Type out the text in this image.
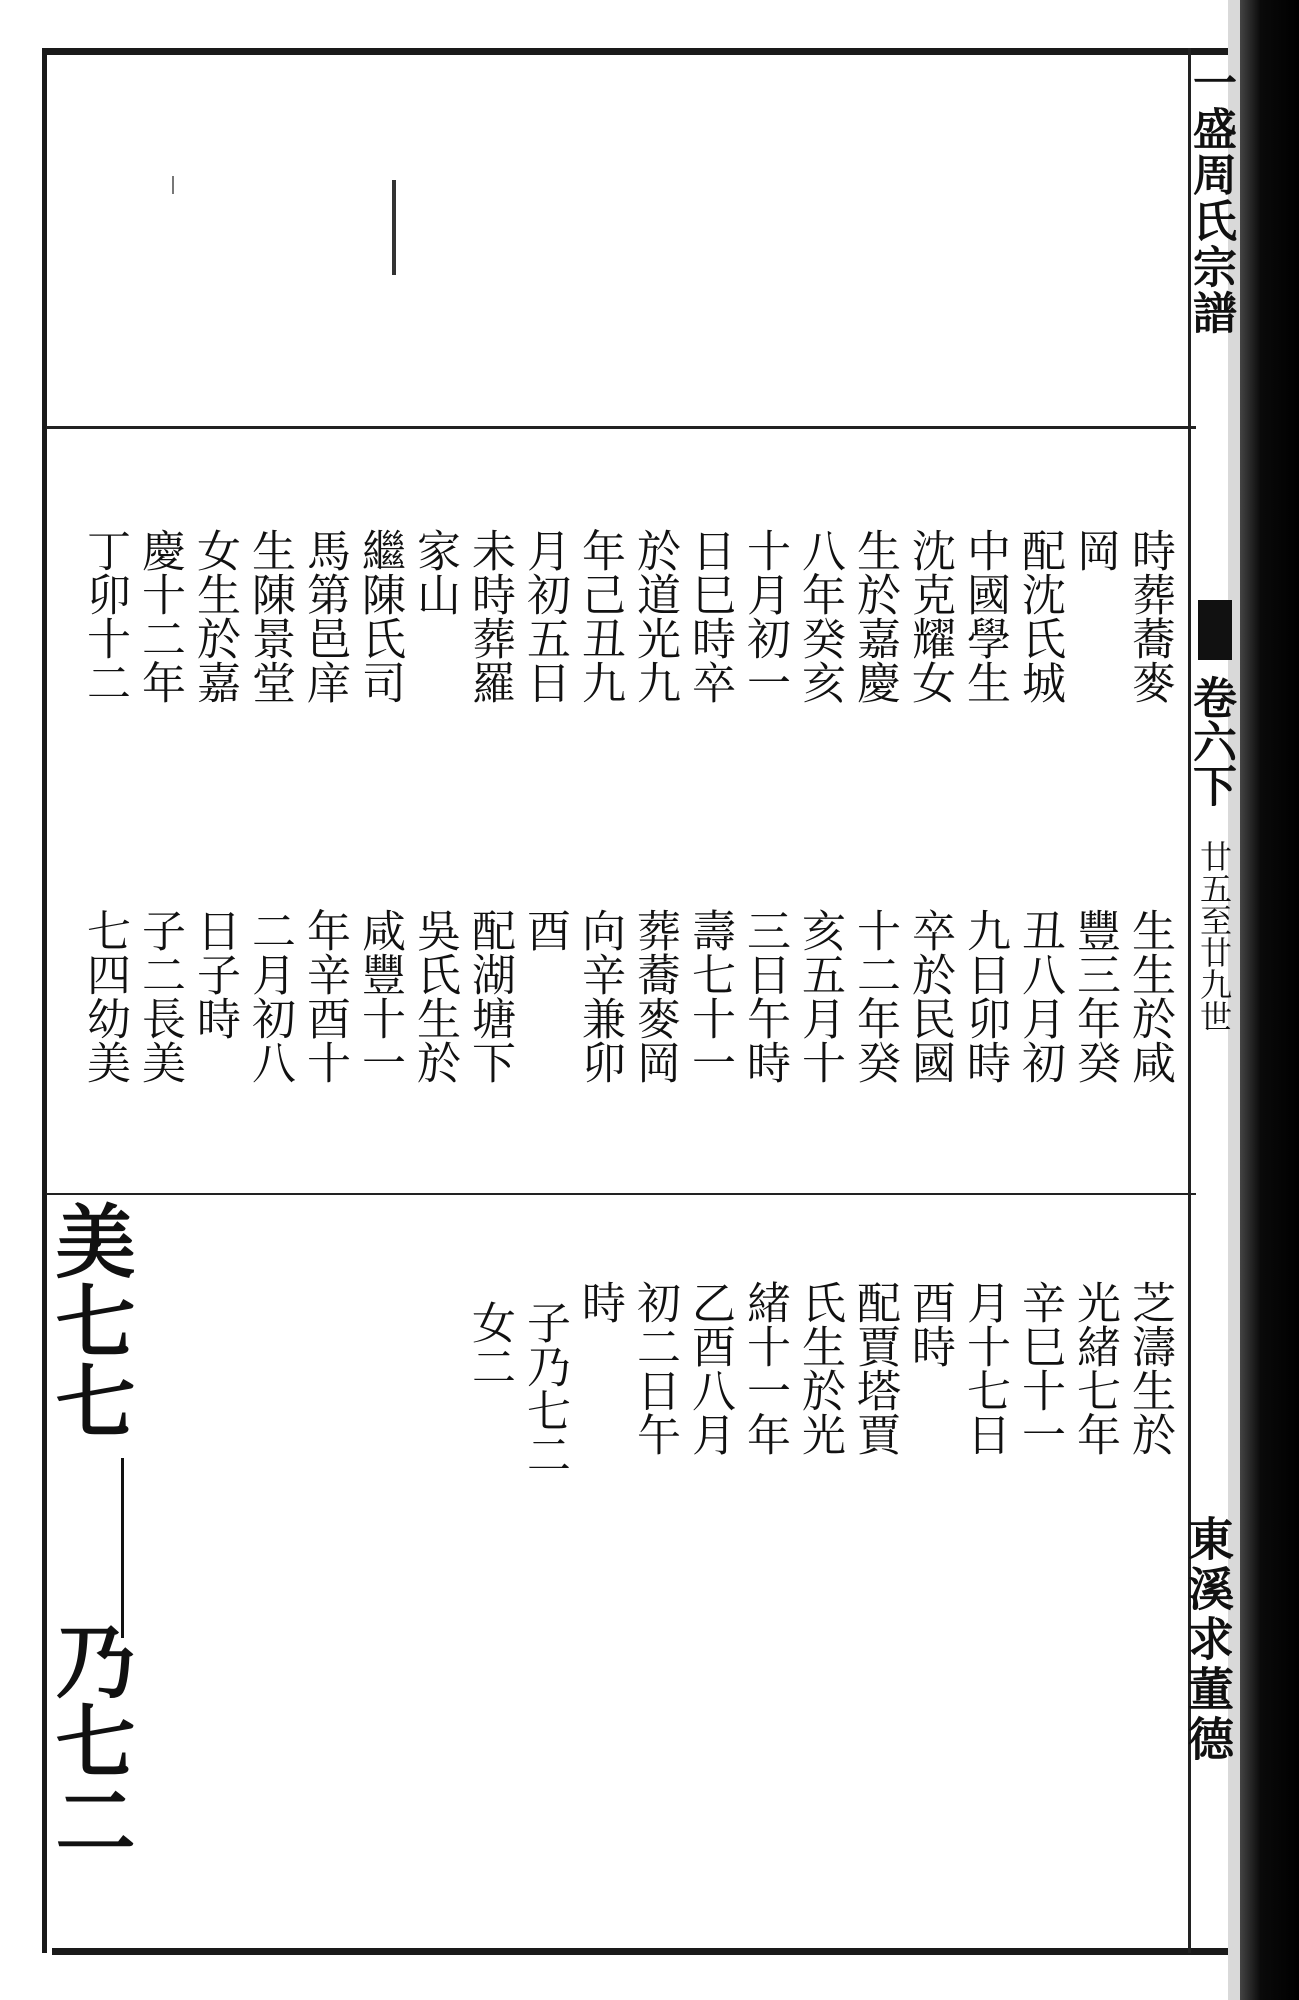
一盛周氏宗譜
卷六下
廿五至廿九世
東溪求董德
時葬蕎麥
岡
配沈氏城
中國學生
沈克耀女
生於嘉慶
八年癸亥
十月初一
日巳時卒
於道光九
年己丑九
月初五日
未時葬羅
家山
繼陳氏司
馬第邑庠
生陳景堂
女生於嘉
慶十二年
丁卯十二
生生於咸
豐三年癸
丑八月初
九日卯時
卒於民國
十二年癸
亥五月十
三日午時
壽七十一
葬蕎麥岡
向辛兼卯
酉
配湖塘下
吳氏生於
咸豐十一
年辛酉十
二月初八
日子時
子二長美
七四幼美
芝濤生於
光緒七年
辛巳十一
月十七日
酉時
配賈塔賈
氏生於光
緒十一年
乙酉八月
初二日午
時
子乃七二
女二
美七七
乃七二
